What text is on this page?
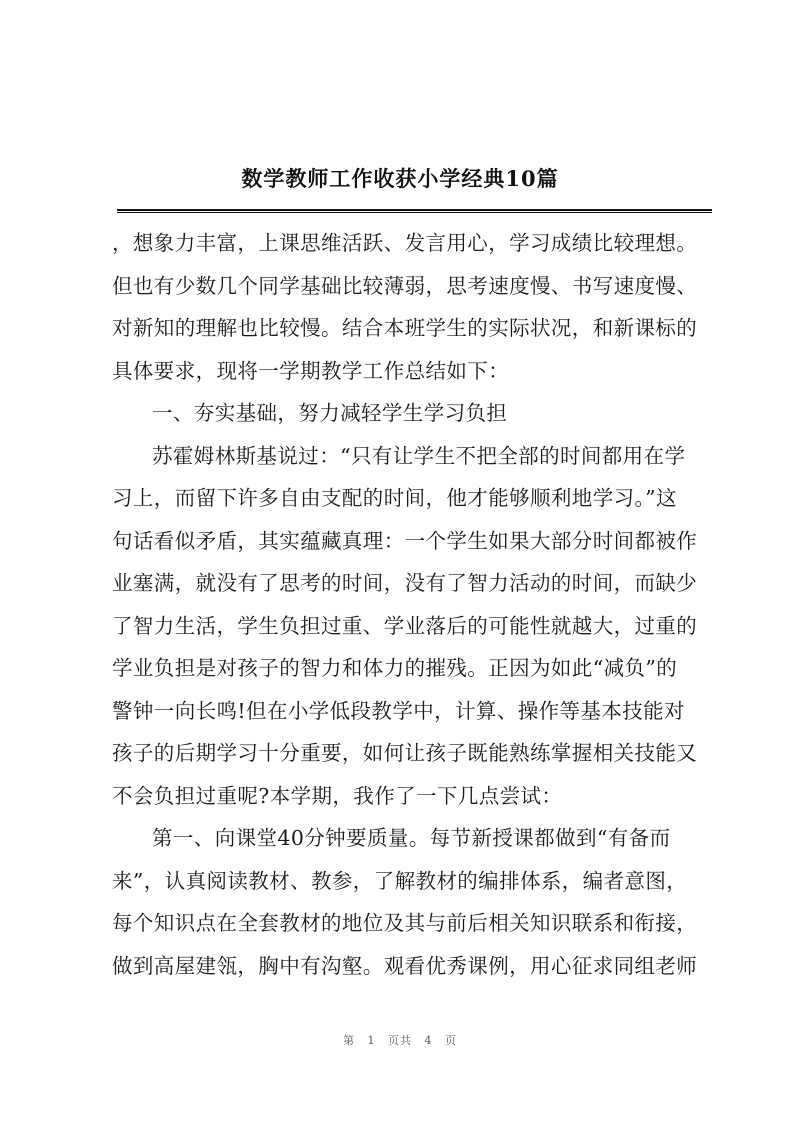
数学教师工作收获小学经典10篇
，想象力丰富，上课思维活跃、发言用心，学习成绩比较理想。
但也有少数几个同学基础比较薄弱，思考速度慢、书写速度慢、
对新知的理解也比较慢。结合本班学生的实际状况，和新课标的
具体要求，现将一学期教学工作总结如下：
一、夯实基础，努力减轻学生学习负担
苏霍姆林斯基说过：“只有让学生不把全部的时间都用在学
习上，而留下许多自由支配的时间，他才能够顺利地学习。”这
句话看似矛盾，其实蕴藏真理：一个学生如果大部分时间都被作
业塞满，就没有了思考的时间，没有了智力活动的时间，而缺少
了智力生活，学生负担过重、学业落后的可能性就越大，过重的
学业负担是对孩子的智力和体力的摧残。正因为如此“减负”的
警钟一向长鸣!但在小学低段教学中，计算、操作等基本技能对
孩子的后期学习十分重要，如何让孩子既能熟练掌握相关技能又
不会负担过重呢?本学期，我作了一下几点尝试：
第一、向课堂40分钟要质量。每节新授课都做到“有备而
来”，认真阅读教材、教参，了解教材的编排体系，编者意图，
每个知识点在全套教材的地位及其与前后相关知识联系和衔接，
做到高屋建瓴，胸中有沟壑。观看优秀课例，用心征求同组老师
第 1 页共 4 页
